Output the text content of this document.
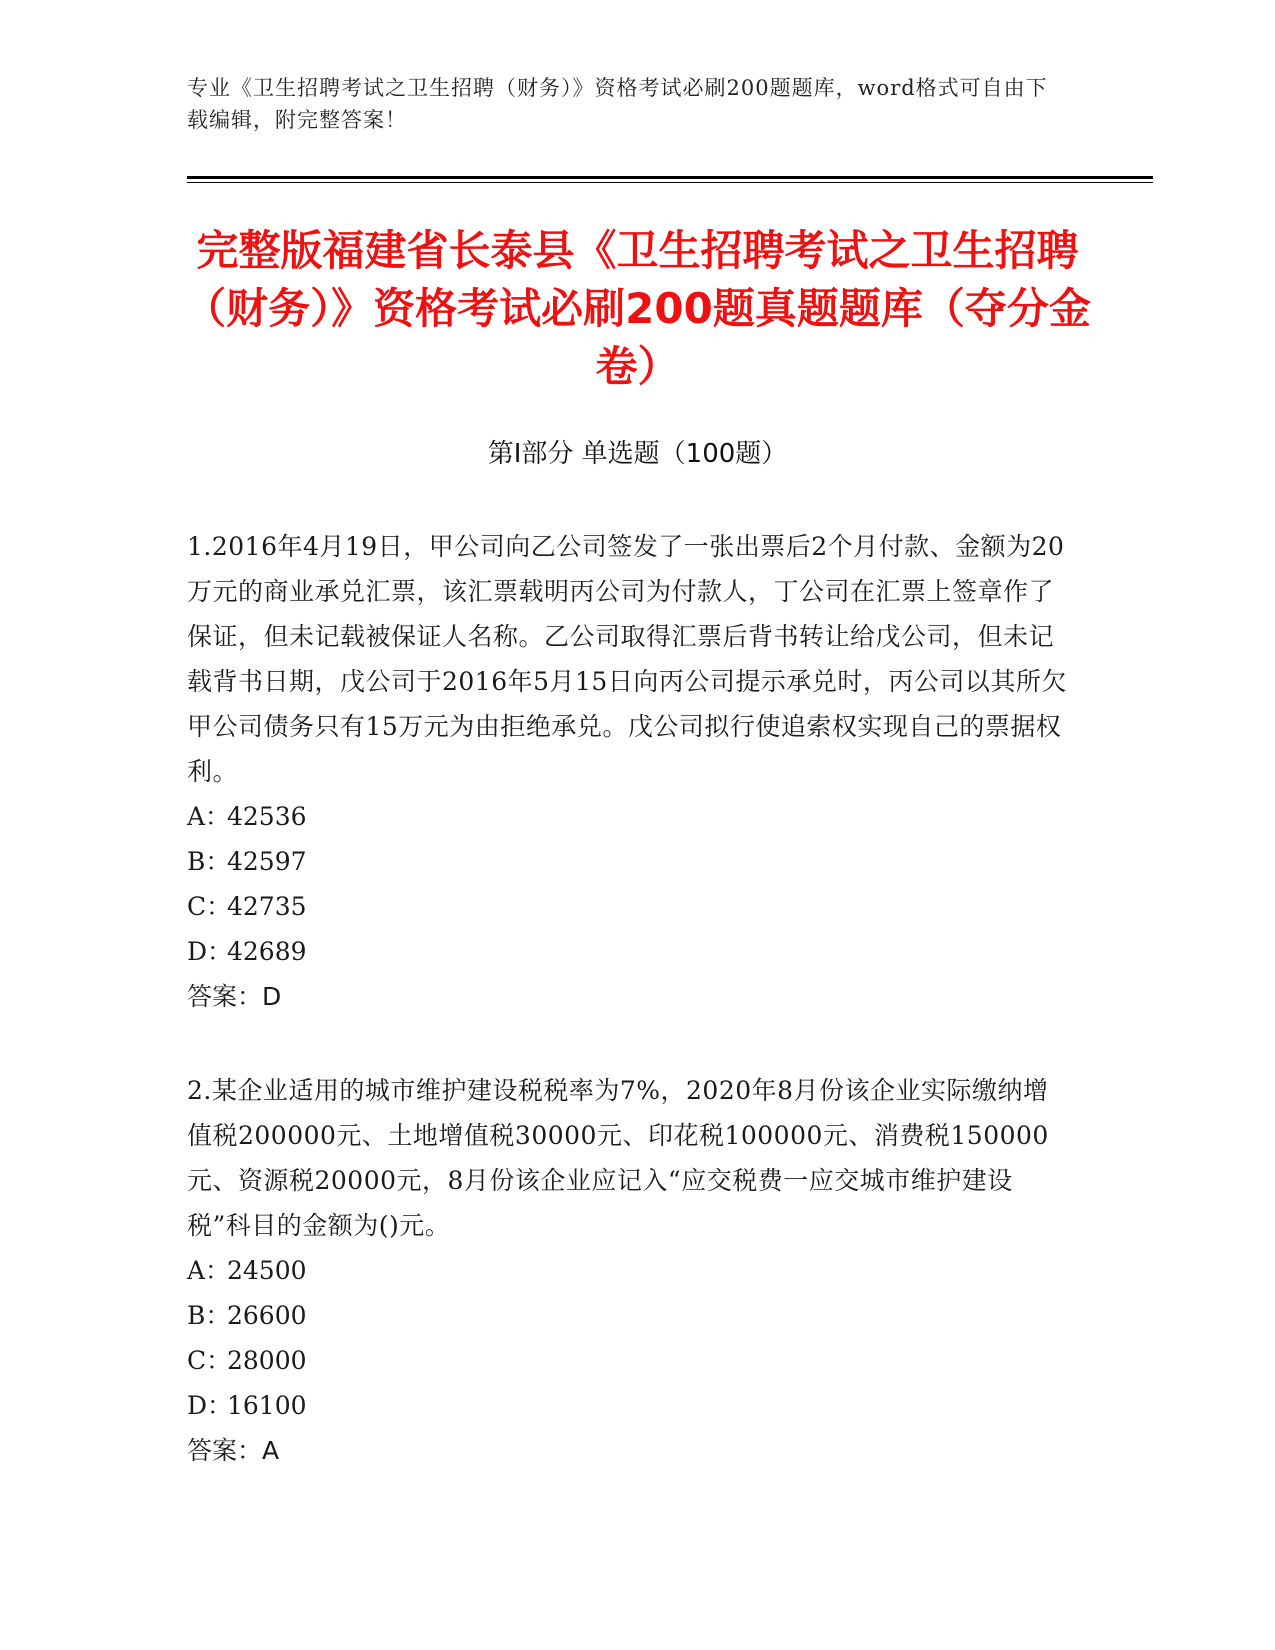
专业《卫生招聘考试之卫生招聘（财务）》资格考试必刷200题题库，word格式可自由下载编辑，附完整答案！
完整版福建省长泰县《卫生招聘考试之卫生招聘（财务）》资格考试必刷200题真题题库（夺分金卷）
第I部分 单选题（100题）

1.2016年4月19日，甲公司向乙公司签发了一张出票后2个月付款、金额为20万元的商业承兑汇票，该汇票载明丙公司为付款人，丁公司在汇票上签章作了保证，但未记载被保证人名称。乙公司取得汇票后背书转让给戊公司，但未记载背书日期，戊公司于2016年5月15日向丙公司提示承兑时，丙公司以其所欠甲公司债务只有15万元为由拒绝承兑。戊公司拟行使追索权实现自己的票据权利。

A：42536

B：42597

C：42735

D：42689

答案：D

2.某企业适用的城市维护建设税税率为7%，2020年8月份该企业实际缴纳增值税200000元、土地增值税30000元、印花税100000元、消费税150000元、资源税20000元，8月份该企业应记入“应交税费一应交城市维护建设税”科目的金额为()元。

A：24500

B：26600

C：28000

D：16100

答案：A
